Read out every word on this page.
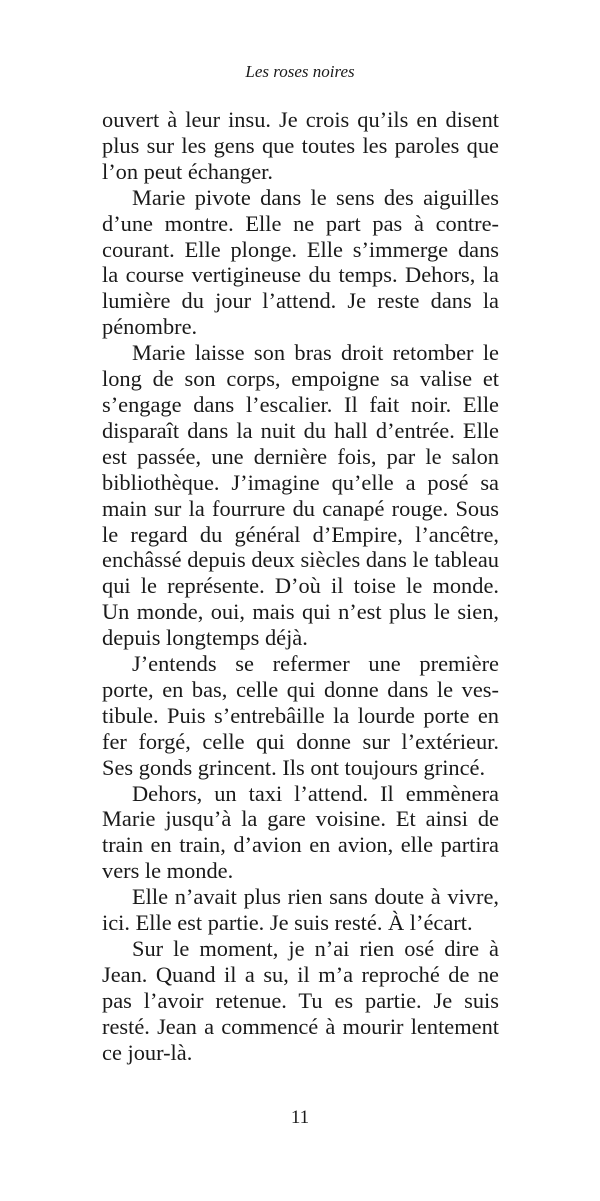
Les roses noires

ouvert à leur insu. Je crois qu’ils en disent plus sur les gens que toutes les paroles que l’on peut échanger.

Marie pivote dans le sens des aiguilles d’une montre. Elle ne part pas à contrecourant. Elle plonge. Elle s’immerge dans la course vertigineuse du temps. Dehors, la lumière du jour l’attend. Je reste dans la pénombre.

Marie laisse son bras droit retomber le long de son corps, empoigne sa valise et s’engage dans l’escalier. Il fait noir. Elle disparaît dans la nuit du hall d’entrée. Elle est passée, une dernière fois, par le salon bibliothèque. J’imagine qu’elle a posé sa main sur la fourrure du canapé rouge. Sous le regard du général d’Empire, l’ancêtre, enchâssé depuis deux siècles dans le tableau qui le représente. D’où il toise le monde. Un monde, oui, mais qui n’est plus le sien, depuis longtemps déjà.

J’entends se refermer une première porte, en bas, celle qui donne dans le vestibule. Puis s’entrebâille la lourde porte en fer forgé, celle qui donne sur l’extérieur. Ses gonds grincent. Ils ont toujours grincé.

Dehors, un taxi l’attend. Il emmènera Marie jusqu’à la gare voisine. Et ainsi de train en train, d’avion en avion, elle partira vers le monde.

Elle n’avait plus rien sans doute à vivre, ici. Elle est partie. Je suis resté. À l’écart.

Sur le moment, je n’ai rien osé dire à Jean. Quand il a su, il m’a reproché de ne pas l’avoir retenue. Tu es partie. Je suis resté. Jean a commencé à mourir lentement ce jour-là.

11
